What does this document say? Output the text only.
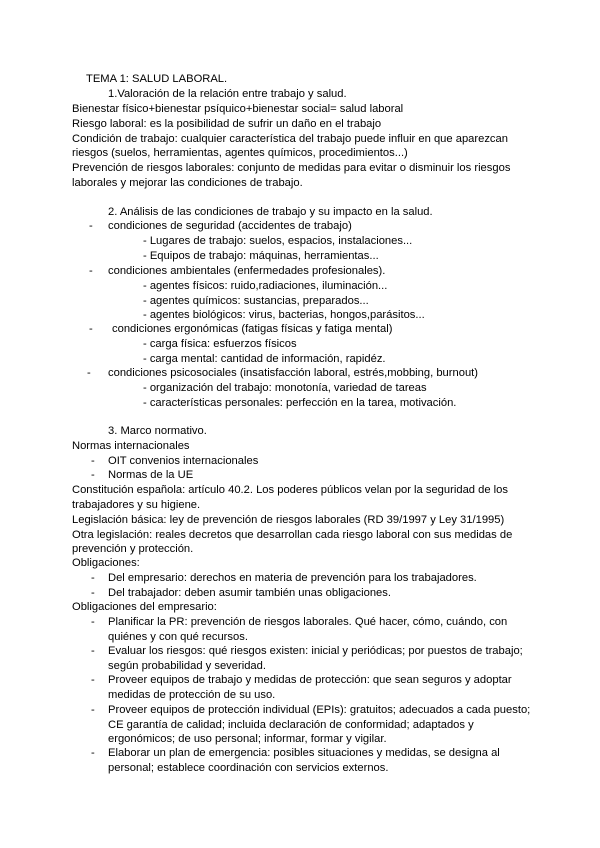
TEMA 1: SALUD LABORAL.
1.Valoración de la relación entre trabajo y salud.
Bienestar físico+bienestar psíquico+bienestar social= salud laboral
Riesgo laboral: es la posibilidad de sufrir un daño en el trabajo
Condición de trabajo: cualquier característica del trabajo puede influir en que aparezcan
riesgos (suelos, herramientas, agentes químicos, procedimientos...)
Prevención de riesgos laborales: conjunto de medidas para evitar o disminuir los riesgos
laborales y mejorar las condiciones de trabajo.
2. Análisis de las condiciones de trabajo y su impacto en la salud.
- condiciones de seguridad (accidentes de trabajo)
- Lugares de trabajo: suelos, espacios, instalaciones...
- Equipos de trabajo: máquinas, herramientas...
- condiciones ambientales (enfermedades profesionales).
- agentes físicos: ruido,radiaciones, iluminación...
- agentes químicos: sustancias, preparados...
- agentes biológicos: virus, bacterias, hongos,parásitos...
- condiciones ergonómicas (fatigas físicas y fatiga mental)
- carga física: esfuerzos físicos
- carga mental: cantidad de información, rapidéz.
- condiciones psicosociales (insatisfacción laboral, estrés,mobbing, burnout)
- organización del trabajo: monotonía, variedad de tareas
- características personales: perfección en la tarea, motivación.
3. Marco normativo.
Normas internacionales
- OIT convenios internacionales
- Normas de la UE
Constitución española: artículo 40.2. Los poderes públicos velan por la seguridad de los
trabajadores y su higiene.
Legislación básica: ley de prevención de riesgos laborales (RD 39/1997 y Ley 31/1995)
Otra legislación: reales decretos que desarrollan cada riesgo laboral con sus medidas de
prevención y protección.
Obligaciones:
- Del empresario: derechos en materia de prevención para los trabajadores.
- Del trabajador: deben asumir también unas obligaciones.
Obligaciones del empresario:
- Planificar la PR: prevención de riesgos laborales. Qué hacer, cómo, cuándo, con
quiénes y con qué recursos.
- Evaluar los riesgos: qué riesgos existen: inicial y periódicas; por puestos de trabajo;
según probabilidad y severidad.
- Proveer equipos de trabajo y medidas de protección: que sean seguros y adoptar
medidas de protección de su uso.
- Proveer equipos de protección individual (EPIs): gratuitos; adecuados a cada puesto;
CE garantía de calidad; incluida declaración de conformidad; adaptados y
ergonómicos; de uso personal; informar, formar y vigilar.
- Elaborar un plan de emergencia: posibles situaciones y medidas, se designa al
personal; establece coordinación con servicios externos.
